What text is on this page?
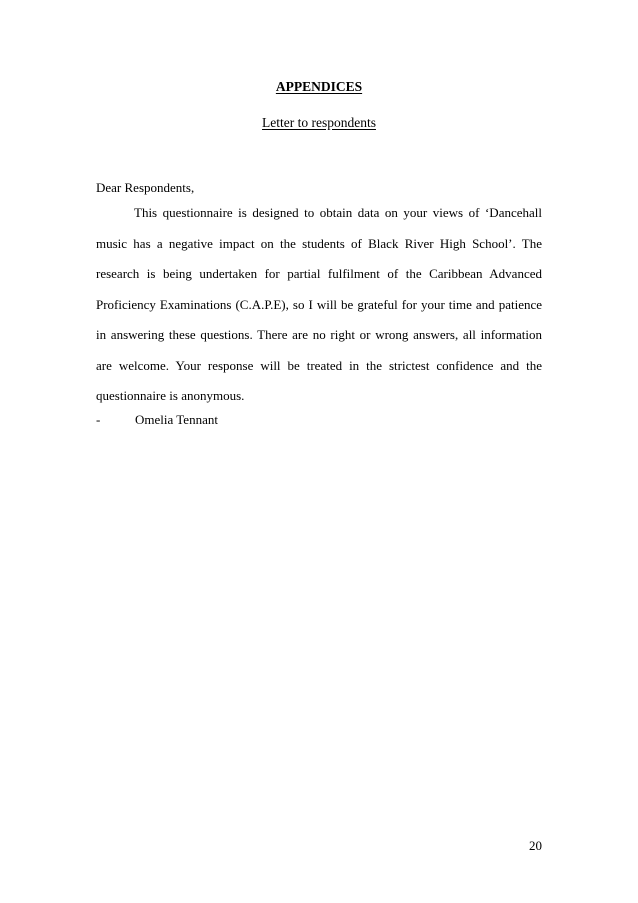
APPENDICES
Letter to respondents
Dear Respondents,
This questionnaire is designed to obtain data on your views of ‘Dancehall music has a negative impact on the students of Black River High School’. The research is being undertaken for partial fulfilment of the Caribbean Advanced Proficiency Examinations (C.A.P.E), so I will be grateful for your time and patience in answering these questions. There are no right or wrong answers, all information are welcome. Your response will be treated in the strictest confidence and the questionnaire is anonymous.
-	Omelia Tennant
20
